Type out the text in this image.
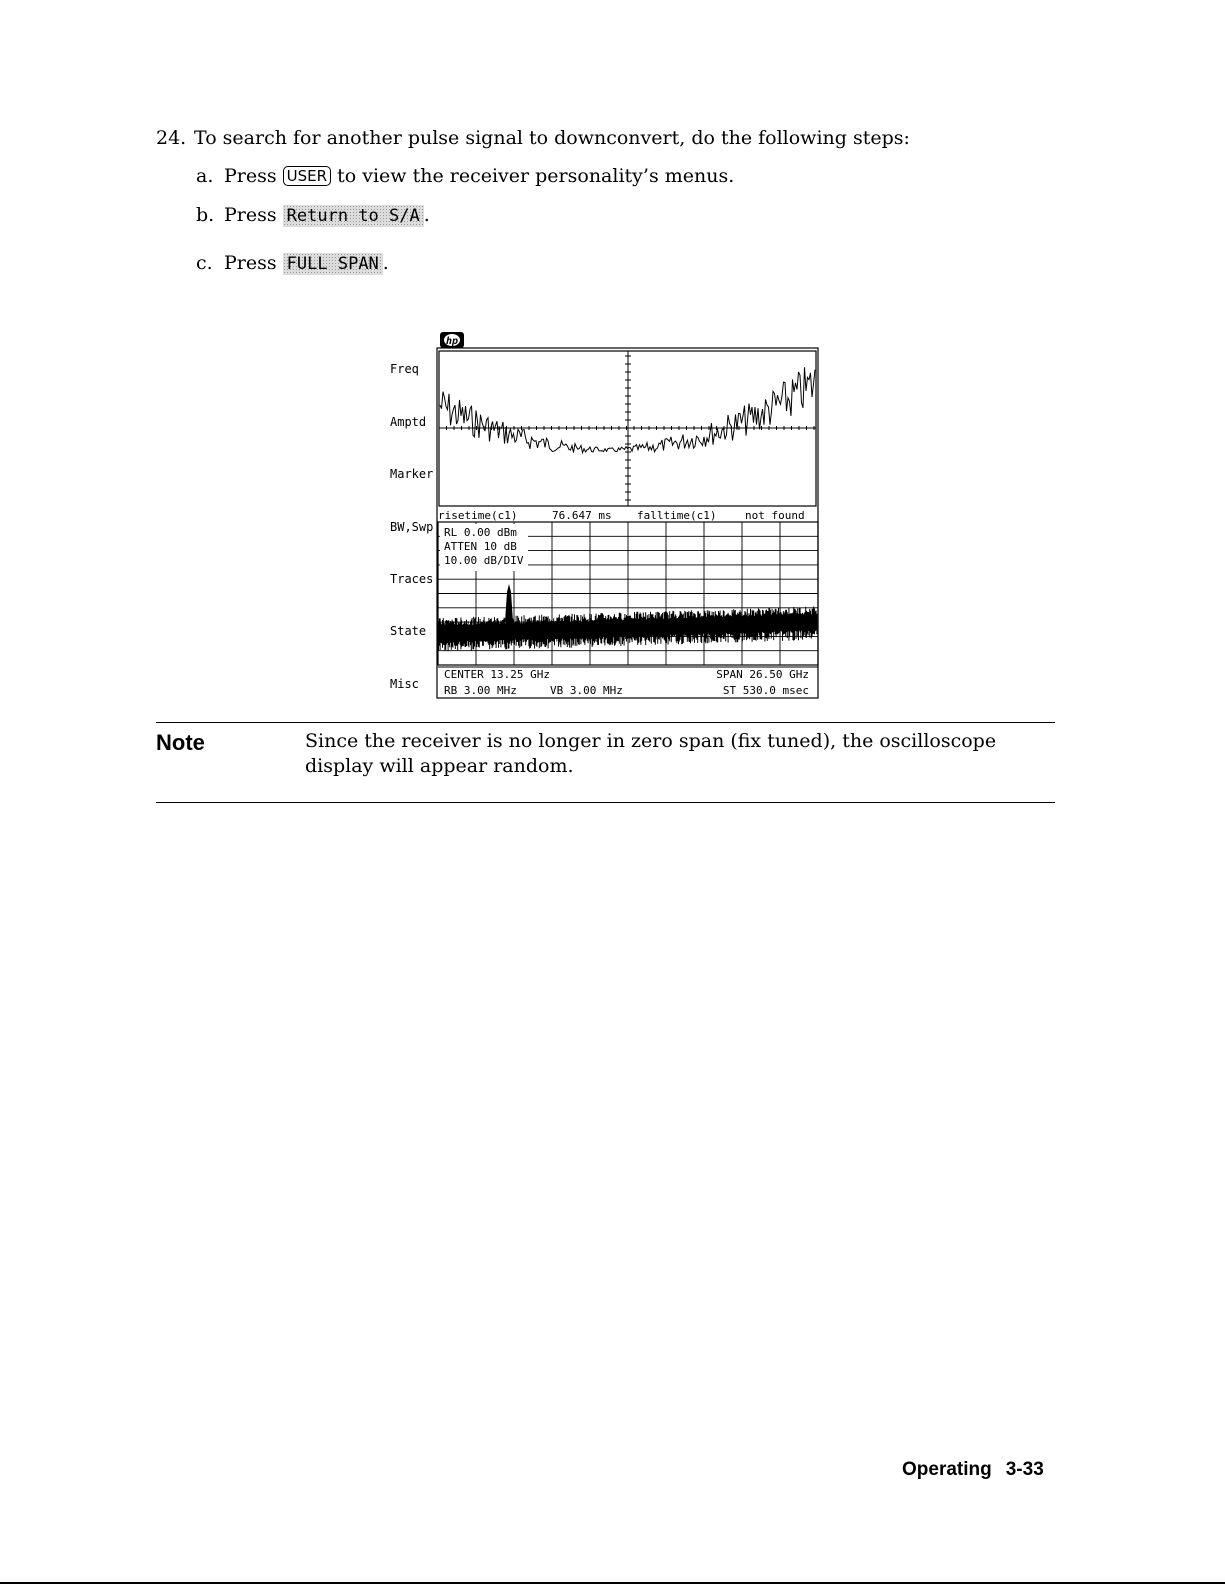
24. To search for another pulse signal to downconvert, do the following steps:
a. Press USER to view the receiver personality’s menus.
b. Press Return to S/A .
c. Press FULL SPAN .
hp
Freq
Amptd
Marker
BW,Swp
Traces
State
Misc
risetime(c1)	76.647 ms falltime(c1)	not found
RL 0.00 dBm
ATTEN 10 dB
10.00 dB/DIV
CENTER 13.25 GHz	SPAN 26.50 GHz
RB 3.00 MHz	VB 3.00 MHz	ST 530.0 msec
Note	Since the receiver is no longer in zero span (fix tuned), the oscilloscope display will appear random.
Operating 3-33
